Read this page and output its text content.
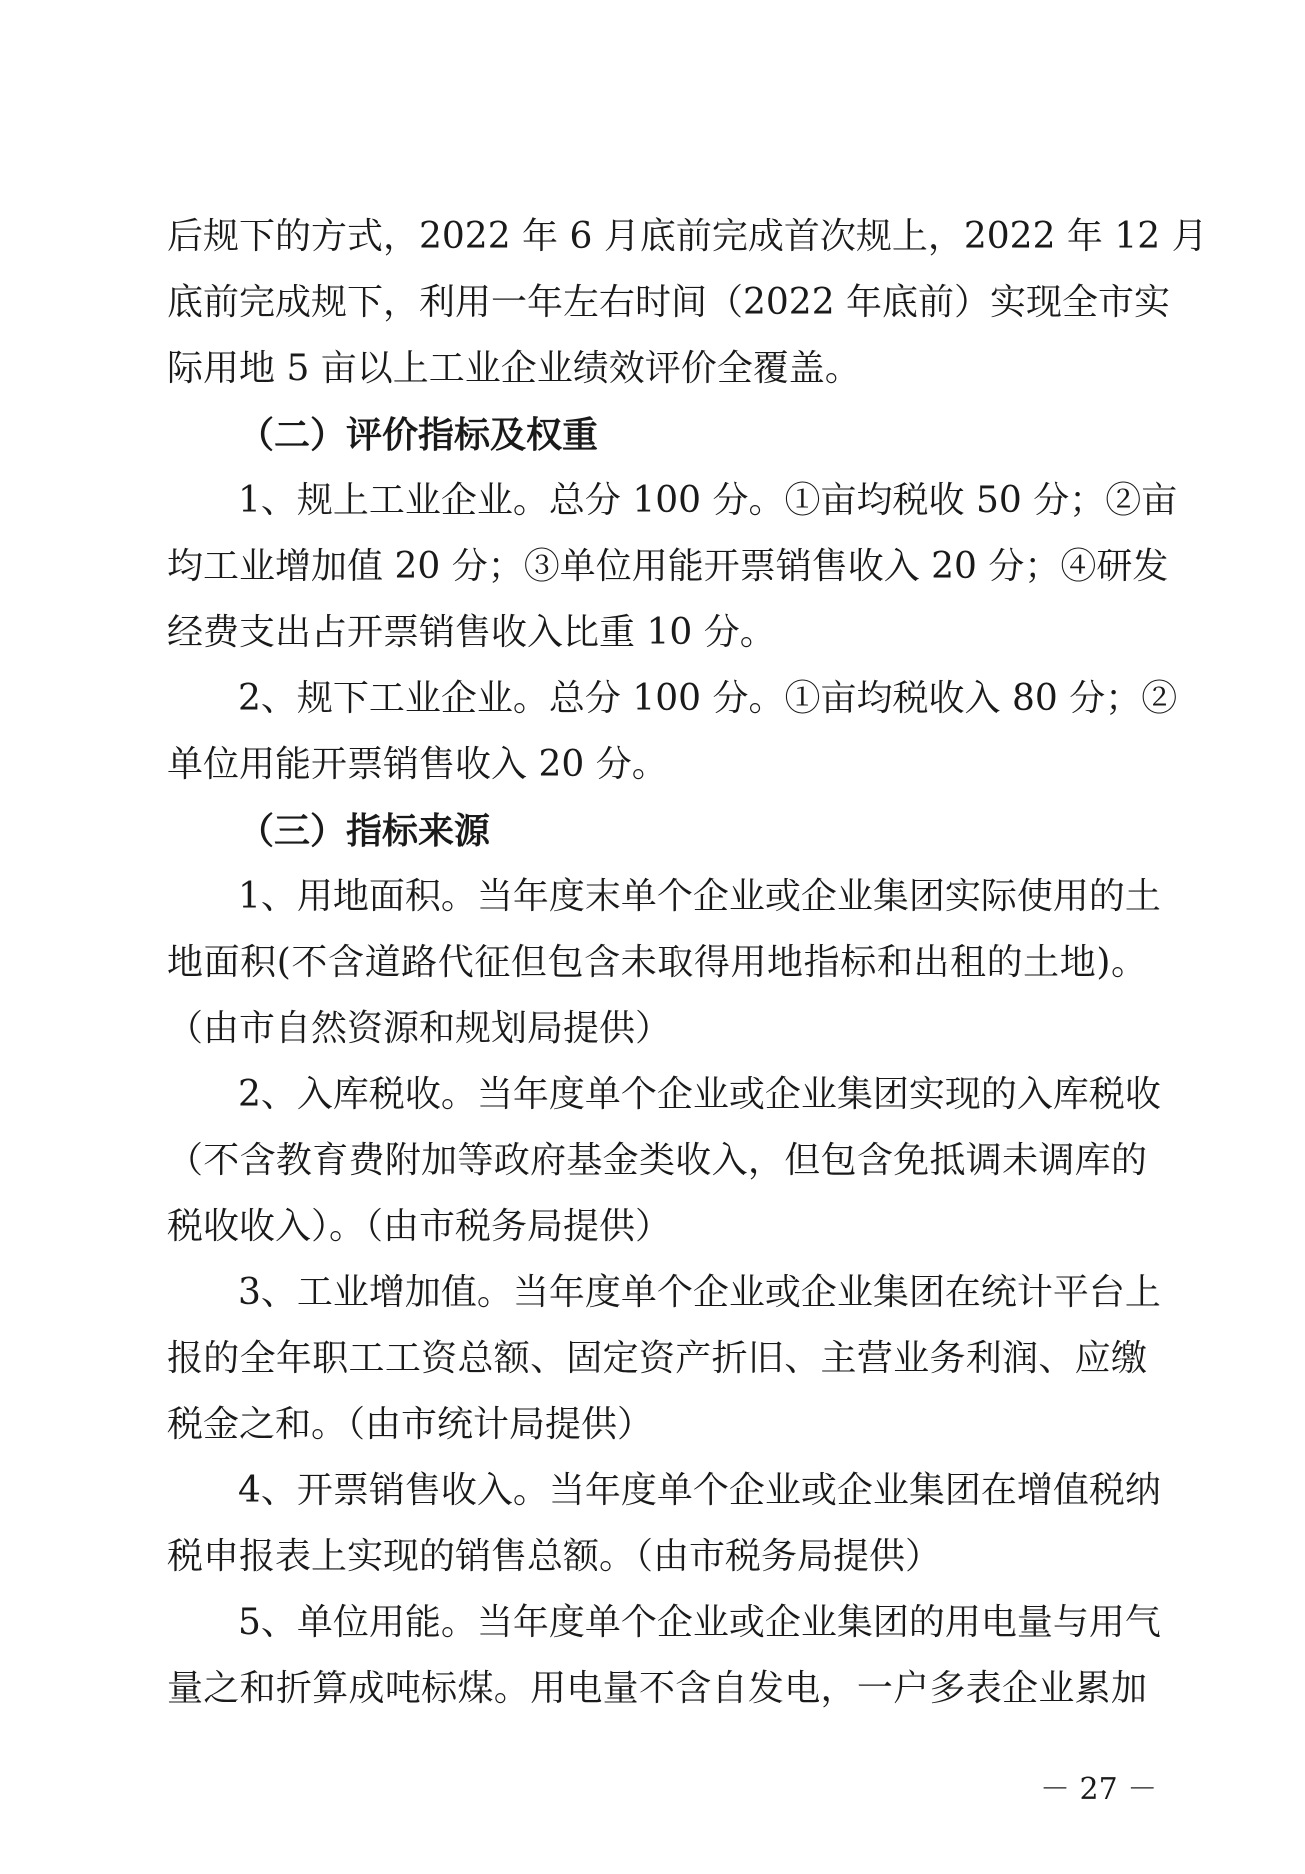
后规下的方式，2022 年 6 月底前完成首次规上，2022 年 12 月
底前完成规下，利用一年左右时间（2022 年底前）实现全市实
际用地 5 亩以上工业企业绩效评价全覆盖。
（二）评价指标及权重
1、规上工业企业。总分 100 分。①亩均税收 50 分；②亩
均工业增加值 20 分；③单位用能开票销售收入 20 分；④研发
经费支出占开票销售收入比重 10 分。
2、规下工业企业。总分 100 分。①亩均税收入 80 分；②
单位用能开票销售收入 20 分。
（三）指标来源
1、用地面积。当年度末单个企业或企业集团实际使用的土
地面积(不含道路代征但包含未取得用地指标和出租的土地)。
（由市自然资源和规划局提供）
2、入库税收。当年度单个企业或企业集团实现的入库税收
（不含教育费附加等政府基金类收入，但包含免抵调未调库的
税收收入）。（由市税务局提供）
3、工业增加值。当年度单个企业或企业集团在统计平台上
报的全年职工工资总额、固定资产折旧、主营业务利润、应缴
税金之和。（由市统计局提供）
4、开票销售收入。当年度单个企业或企业集团在增值税纳
税申报表上实现的销售总额。（由市税务局提供）
5、单位用能。当年度单个企业或企业集团的用电量与用气
量之和折算成吨标煤。用电量不含自发电，一户多表企业累加
－ 27 －
